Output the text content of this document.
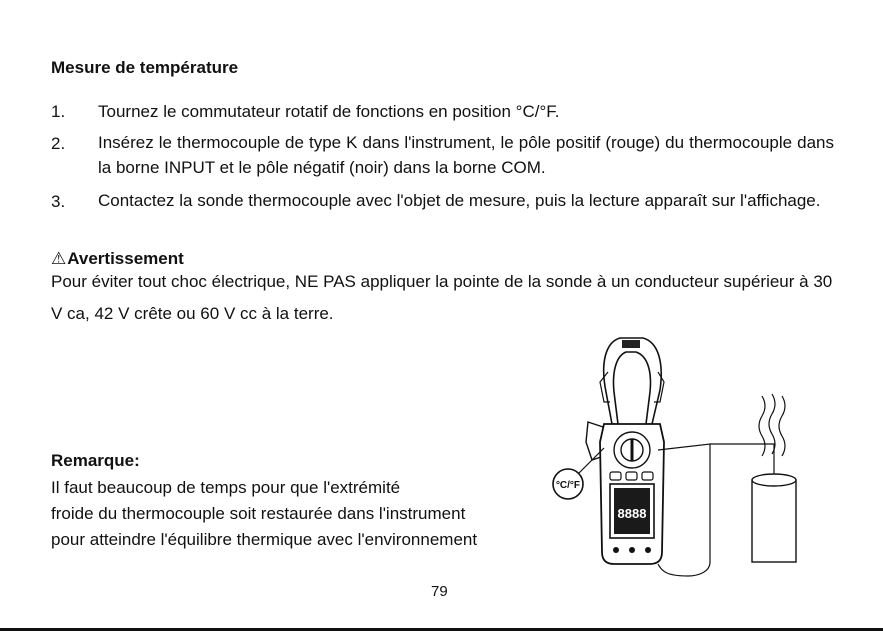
Mesure de température
1. Tournez le commutateur rotatif de fonctions en position °C/°F.
2. Insérez le thermocouple de type K dans l'instrument, le pôle positif (rouge) du thermocouple dans la borne INPUT et le pôle négatif (noir) dans la borne COM.
3. Contactez la sonde thermocouple avec l'objet de mesure, puis la lecture apparaît sur l'affichage.
⚠Avertissement
Pour éviter tout choc électrique, NE PAS appliquer la pointe de la sonde à un conducteur supérieur à 30 V ca, 42 V crête ou 60 V cc à la terre.
Remarque:
Il faut beaucoup de temps pour que l'extrémité
froide du thermocouple soit restaurée dans l'instrument
pour atteindre l'équilibre thermique avec l'environnement
8888
°C/°F
79
